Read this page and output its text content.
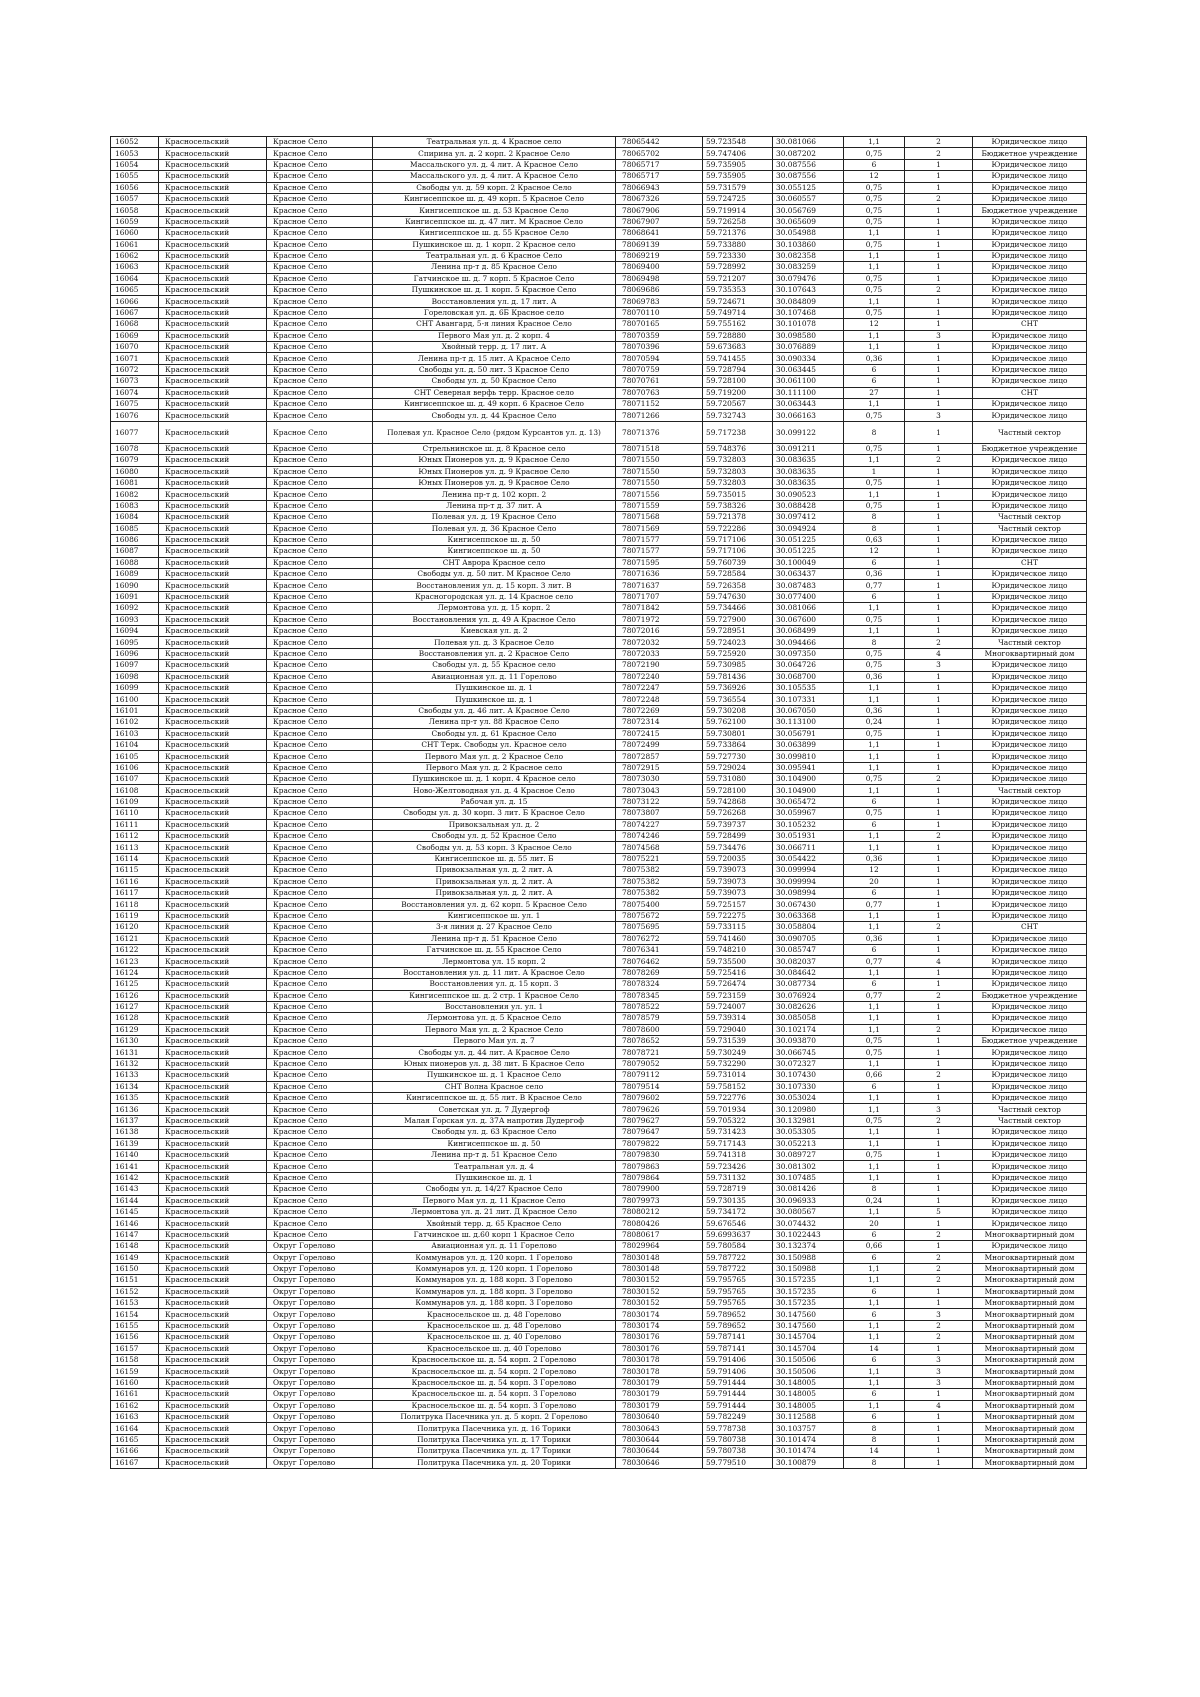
16052	Красносельский	Красное Село	Театральная ул. д. 4 Красное село	78065442	59.723548	30.081066	1,1	2	Юридическое лицо
16053	Красносельский	Красное Село	Спирина ул. д. 2 корп. 2 Красное Село	78065702	59.747406	30.087202	0,75	2	Бюджетное учреждение
16054	Красносельский	Красное Село	Массальского ул. д. 4 лит. А Красное Село	78065717	59.735905	30.087556	6	1	Юридическое лицо
16055	Красносельский	Красное Село	Массальского ул. д. 4 лит. А Красное Село	78065717	59.735905	30.087556	12	1	Юридическое лицо
16056	Красносельский	Красное Село	Свободы ул. д. 59 корп. 2 Красное Село	78066943	59.731579	30.055125	0,75	1	Юридическое лицо
16057	Красносельский	Красное Село	Кингисеппское ш. д. 49 корп. 5 Красное Село	78067326	59.724725	30.060557	0,75	2	Юридическое лицо
16058	Красносельский	Красное Село	Кингисеппское ш. д. 53 Красное Село	78067906	59.719914	30.056769	0,75	1	Бюджетное учреждение
16059	Красносельский	Красное Село	Кингисеппское ш. д. 47 лит. М Красное Село	78067907	59.726258	30.065609	0,75	1	Юридическое лицо
16060	Красносельский	Красное Село	Кингисеппское ш. д. 55 Красное Село	78068641	59.721376	30.054988	1,1	1	Юридическое лицо
16061	Красносельский	Красное Село	Пушкинское ш. д. 1 корп. 2 Красное село	78069139	59.733880	30.103860	0,75	1	Юридическое лицо
16062	Красносельский	Красное Село	Театральная ул. д. 6 Красное Село	78069219	59.723330	30.082358	1,1	1	Юридическое лицо
16063	Красносельский	Красное Село	Ленина пр-т д. 85 Красное Село	78069400	59.728992	30.083259	1,1	1	Юридическое лицо
16064	Красносельский	Красное Село	Гатчинское ш. д. 7 корп. 5 Красное Село	78069498	59.721207	30.079476	0,75	1	Юридическое лицо
16065	Красносельский	Красное Село	Пушкинское ш. д. 1 корп. 5 Красное Село	78069686	59.735353	30.107643	0,75	2	Юридическое лицо
16066	Красносельский	Красное Село	Восстановления ул. д. 17 лит. А	78069783	59.724671	30.084809	1,1	1	Юридическое лицо
16067	Красносельский	Красное Село	Гореловская ул. д. 6Б Красное село	78070110	59.749714	30.107468	0,75	1	Юридическое лицо
16068	Красносельский	Красное Село	СНТ Авангард, 5-я линия Красное Село	78070165	59.755162	30.101078	12	1	СНТ
16069	Красносельский	Красное Село	Первого Мая ул. д. 2 корп. 4	78070359	59.728880	30.098580	1,1	3	Юридическое лицо
16070	Красносельский	Красное Село	Хвойный терр. д. 17 лит. А	78070396	59.673683	30.076889	1,1	1	Юридическое лицо
16071	Красносельский	Красное Село	Ленина пр-т д. 15 лит. А Красное Село	78070594	59.741455	30.090334	0,36	1	Юридическое лицо
16072	Красносельский	Красное Село	Свободы ул. д. 50 лит. З Красное Село	78070759	59.728794	30.063445	6	1	Юридическое лицо
16073	Красносельский	Красное Село	Свободы ул. д. 50 Красное Село	78070761	59.728100	30.061100	6	1	Юридическое лицо
16074	Красносельский	Красное Село	СНТ Северная верфь терр. Красное село	78070763	59.719200	30.111100	27	1	СНТ
16075	Красносельский	Красное Село	Кингисеппское ш. д. 49 корп. 6 Красное Село	78071152	59.720567	30.063443	1,1	1	Юридическое лицо
16076	Красносельский	Красное Село	Свободы ул. д. 44 Красное Село	78071266	59.732743	30.066163	0,75	3	Юридическое лицо
16077	Красносельский	Красное Село	Полевая ул. Красное Село (рядом Курсантов ул. д. 13)	78071376	59.717238	30.099122	8	1	Частный сектор
16078	Красносельский	Красное Село	Стрельнинское ш. д. 8 Красное село	78071518	59.748376	30.091211	0,75	1	Бюджетное учреждение
16079	Красносельский	Красное Село	Юных Пионеров ул. д. 9 Красное Село	78071550	59.732803	30.083635	1,1	2	Юридическое лицо
16080	Красносельский	Красное Село	Юных Пионеров ул. д. 9 Красное Село	78071550	59.732803	30.083635	1	1	Юридическое лицо
16081	Красносельский	Красное Село	Юных Пионеров ул. д. 9 Красное Село	78071550	59.732803	30.083635	0,75	1	Юридическое лицо
16082	Красносельский	Красное Село	Ленина пр-т д. 102 корп. 2	78071556	59.735015	30.090523	1,1	1	Юридическое лицо
16083	Красносельский	Красное Село	Ленина пр-т д. 37 лит. А	78071559	59.738326	30.088428	0,75	1	Юридическое лицо
16084	Красносельский	Красное Село	Полевая ул. д. 19 Красное Село	78071568	59.721378	30.097412	8	1	Частный сектор
16085	Красносельский	Красное Село	Полевая ул. д. 36 Красное Село	78071569	59.722286	30.094924	8	1	Частный сектор
16086	Красносельский	Красное Село	Кингисеппское ш. д. 50	78071577	59.717106	30.051225	0,63	1	Юридическое лицо
16087	Красносельский	Красное Село	Кингисеппское ш. д. 50	78071577	59.717106	30.051225	12	1	Юридическое лицо
16088	Красносельский	Красное Село	СНТ Аврора Красное село	78071595	59.760739	30.100049	6	1	СНТ
16089	Красносельский	Красное Село	Свободы ул. д. 50 лит. М Красное Село	78071636	59.728584	30.063437	0,36	1	Юридическое лицо
16090	Красносельский	Красное Село	Восстановления ул. д. 15 корп. 3 лит. В	78071637	59.726358	30.087483	0,77	1	Юридическое лицо
16091	Красносельский	Красное Село	Красногородская ул. д. 14 Красное село	78071707	59.747630	30.077400	6	1	Юридическое лицо
16092	Красносельский	Красное Село	Лермонтова ул. д. 15 корп. 2	78071842	59.734466	30.081066	1,1	1	Юридическое лицо
16093	Красносельский	Красное Село	Восстановления ул. д. 49 А Красное Село	78071972	59.727900	30.067600	0,75	1	Юридическое лицо
16094	Красносельский	Красное Село	Киевская ул. д. 2	78072016	59.728951	30.068499	1,1	1	Юридическое лицо
16095	Красносельский	Красное Село	Полевая ул. д. 3 Красное Село	78072032	59.724023	30.094466	8	2	Частный сектор
16096	Красносельский	Красное Село	Восстановления ул. д. 2 Красное Село	78072033	59.725920	30.097350	0,75	4	Многоквартирный дом
16097	Красносельский	Красное Село	Свободы ул. д. 55 Красное село	78072190	59.730985	30.064726	0,75	3	Юридическое лицо
16098	Красносельский	Красное Село	Авиационная ул. д. 11 Горелово	78072240	59.781436	30.068700	0,36	1	Юридическое лицо
16099	Красносельский	Красное Село	Пушкинское ш. д. 1	78072247	59.736926	30.105535	1,1	1	Юридическое лицо
16100	Красносельский	Красное Село	Пушкинское ш. д. 1	78072248	59.736554	30.107331	1,1	1	Юридическое лицо
16101	Красносельский	Красное Село	Свободы ул. д. 46 лит. А Красное Село	78072269	59.730208	30.067050	0,36	1	Юридическое лицо
16102	Красносельский	Красное Село	Ленина пр-т ул. 88 Красное Село	78072314	59.762100	30.113100	0,24	1	Юридическое лицо
16103	Красносельский	Красное Село	Свободы ул. д. 61 Красное Село	78072415	59.730801	30.056791	0,75	1	Юридическое лицо
16104	Красносельский	Красное Село	СНТ Терк. Свободы ул. Красное село	78072499	59.733864	30.063899	1,1	1	Юридическое лицо
16105	Красносельский	Красное Село	Первого Мая ул. д. 2 Красное Село	78072857	59.727730	30.099810	1,1	1	Юридическое лицо
16106	Красносельский	Красное Село	Первого Мая ул. д. 2 Красное село	78072915	59.729024	30.095941	1,1	1	Юридическое лицо
16107	Красносельский	Красное Село	Пушкинское ш. д. 1 корп. 4 Красное село	78073030	59.731080	30.104900	0,75	2	Юридическое лицо
16108	Красносельский	Красное Село	Ново-Желтоводная ул. д. 4 Красное Село	78073043	59.728100	30.104900	1,1	1	Частный сектор
16109	Красносельский	Красное Село	Рабочая ул. д. 15	78073122	59.742868	30.065472	6	1	Юридическое лицо
16110	Красносельский	Красное Село	Свободы ул. д. 30 корп. 3 лит. Б Красное Село	78073807	59.726268	30.059967	0,75	1	Юридическое лицо
16111	Красносельский	Красное Село	Привокзальная ул. д. 2	78074227	59.739737	30.105232	6	1	Юридическое лицо
16112	Красносельский	Красное Село	Свободы ул. д. 52 Красное Село	78074246	59.728499	30.051931	1,1	2	Юридическое лицо
16113	Красносельский	Красное Село	Свободы ул. д. 53 корп. 3 Красное Село	78074568	59.734476	30.066711	1,1	1	Юридическое лицо
16114	Красносельский	Красное Село	Кингисеппское ш. д. 55 лит. Б	78075221	59.720035	30.054422	0,36	1	Юридическое лицо
16115	Красносельский	Красное Село	Привокзальная ул. д. 2 лит. А	78075382	59.739073	30.099994	12	1	Юридическое лицо
16116	Красносельский	Красное Село	Привокзальная ул. д. 2 лит. А	78075382	59.739073	30.099994	20	1	Юридическое лицо
16117	Красносельский	Красное Село	Привокзальная ул. д. 2 лит. А	78075382	59.739073	30.098994	6	1	Юридическое лицо
16118	Красносельский	Красное Село	Восстановления ул. д. 62 корп. 5 Красное Село	78075400	59.725157	30.067430	0,77	1	Юридическое лицо
16119	Красносельский	Красное Село	Кингисеппское ш. ул. 1	78075672	59.722275	30.063368	1,1	1	Юридическое лицо
16120	Красносельский	Красное Село	3-я линия д. 27 Красное Село	78075695	59.733115	30.058804	1,1	2	СНТ
16121	Красносельский	Красное Село	Ленина пр-т д. 51 Красное Село	78076272	59.741460	30.090705	0,36	1	Юридическое лицо
16122	Красносельский	Красное Село	Гатчинское ш. д. 55 Красное Село	78076341	59.748210	30.085747	6	1	Юридическое лицо
16123	Красносельский	Красное Село	Лермонтова ул. 15 корп. 2	78076462	59.735500	30.082037	0,77	4	Юридическое лицо
16124	Красносельский	Красное Село	Восстановления ул. д. 11 лит. А Красное Село	78078269	59.725416	30.084642	1,1	1	Юридическое лицо
16125	Красносельский	Красное Село	Восстановления ул. д. 15 корп. 3	78078324	59.726474	30.087734	6	1	Юридическое лицо
16126	Красносельский	Красное Село	Кингисеппское ш. д. 2 стр. 1 Красное Село	78078345	59.723159	30.076924	0,77	2	Бюджетное учреждение
16127	Красносельский	Красное Село	Восстановления ул. ул. 1	78078522	59.724007	30.082626	1,1	1	Юридическое лицо
16128	Красносельский	Красное Село	Лермонтова ул. д. 5 Красное Село	78078579	59.739314	30.085058	1,1	1	Юридическое лицо
16129	Красносельский	Красное Село	Первого Мая ул. д. 2 Красное Село	78078600	59.729040	30.102174	1,1	2	Юридическое лицо
16130	Красносельский	Красное Село	Первого Мая ул. д. 7	78078652	59.731539	30.093870	0,75	1	Бюджетное учреждение
16131	Красносельский	Красное Село	Свободы ул. д. 44 лит. А Красное Село	78078721	59.730249	30.066745	0,75	1	Юридическое лицо
16132	Красносельский	Красное Село	Юных пионеров ул. д. 38 лит. Б Красное Село	78079052	59.732290	30.072327	1,1	1	Юридическое лицо
16133	Красносельский	Красное Село	Пушкинское ш. д. 1 Красное Село	78079112	59.731014	30.107430	0,66	2	Юридическое лицо
16134	Красносельский	Красное Село	СНТ Волна Красное село	78079514	59.758152	30.107330	6	1	Юридическое лицо
16135	Красносельский	Красное Село	Кингисеппское ш. д. 55 лит. В Красное Село	78079602	59.722776	30.053024	1,1	1	Юридическое лицо
16136	Красносельский	Красное Село	Советская ул. д. 7 Дудергоф	78079626	59.701934	30.120980	1,1	3	Частный сектор
16137	Красносельский	Красное Село	Малая Горская ул. д. 37А напротив Дудергоф	78079627	59.705322	30.132981	0,75	2	Частный сектор
16138	Красносельский	Красное Село	Свободы ул. д. 63 Красное Село	78079647	59.731423	30.053305	1,1	1	Юридическое лицо
16139	Красносельский	Красное Село	Кингисеппское ш. д. 50	78079822	59.717143	30.052213	1,1	1	Юридическое лицо
16140	Красносельский	Красное Село	Ленина пр-т д. 51 Красное Село	78079830	59.741318	30.089727	0,75	1	Юридическое лицо
16141	Красносельский	Красное Село	Театральная ул. д. 4	78079863	59.723426	30.081302	1,1	1	Юридическое лицо
16142	Красносельский	Красное Село	Пушкинское ш. д. 1	78079864	59.731132	30.107485	1,1	1	Юридическое лицо
16143	Красносельский	Красное Село	Свободы ул. д. 14/27 Красное Село	78079900	59.728719	30.081426	8	1	Юридическое лицо
16144	Красносельский	Красное Село	Первого Мая ул. д. 11 Красное Село	78079973	59.730135	30.096933	0,24	1	Юридическое лицо
16145	Красносельский	Красное Село	Лермонтова ул. д. 21 лит. Д Красное Село	78080212	59.734172	30.080567	1,1	5	Юридическое лицо
16146	Красносельский	Красное Село	Хвойный терр. д. 65 Красное Село	78080426	59.676546	30.074432	20	1	Юридическое лицо
16147	Красносельский	Красное Село	Гатчинское ш. д.60 корп 1 Красное Село	78080617	59.6993637	30.1022443	6	2	Многоквартирный дом
16148	Красносельский	Округ Горелово	Авиационная ул. д. 11 Горелово	78029964	59.780584	30.132374	0,66	1	Юридическое лицо
16149	Красносельский	Округ Горелово	Коммунаров ул. д. 120 корп. 1 Горелово	78030148	59.787722	30.150988	6	2	Многоквартирный дом
16150	Красносельский	Округ Горелово	Коммунаров ул. д. 120 корп. 1 Горелово	78030148	59.787722	30.150988	1,1	2	Многоквартирный дом
16151	Красносельский	Округ Горелово	Коммунаров ул. д. 188 корп. 3 Горелово	78030152	59.795765	30.157235	1,1	2	Многоквартирный дом
16152	Красносельский	Округ Горелово	Коммунаров ул. д. 188 корп. 3 Горелово	78030152	59.795765	30.157235	6	1	Многоквартирный дом
16153	Красносельский	Округ Горелово	Коммунаров ул. д. 188 корп. 3 Горелово	78030152	59.795765	30.157235	1,1	1	Многоквартирный дом
16154	Красносельский	Округ Горелово	Красносельское ш. д. 48 Горелово	78030174	59.789652	30.147560	6	3	Многоквартирный дом
16155	Красносельский	Округ Горелово	Красносельское ш. д. 48 Горелово	78030174	59.789652	30.147560	1,1	2	Многоквартирный дом
16156	Красносельский	Округ Горелово	Красносельское ш. д. 40 Горелово	78030176	59.787141	30.145704	1,1	2	Многоквартирный дом
16157	Красносельский	Округ Горелово	Красносельское ш. д. 40 Горелово	78030176	59.787141	30.145704	14	1	Многоквартирный дом
16158	Красносельский	Округ Горелово	Красносельское ш. д. 54 корп. 2 Горелово	78030178	59.791406	30.150506	6	3	Многоквартирный дом
16159	Красносельский	Округ Горелово	Красносельское ш. д. 54 корп. 2 Горелово	78030178	59.791406	30.150506	1,1	3	Многоквартирный дом
16160	Красносельский	Округ Горелово	Красносельское ш. д. 54 корп. 3 Горелово	78030179	59.791444	30.148005	1,1	3	Многоквартирный дом
16161	Красносельский	Округ Горелово	Красносельское ш. д. 54 корп. 3 Горелово	78030179	59.791444	30.148005	6	1	Многоквартирный дом
16162	Красносельский	Округ Горелово	Красносельское ш. д. 54 корп. 3 Горелово	78030179	59.791444	30.148005	1,1	4	Многоквартирный дом
16163	Красносельский	Округ Горелово	Политрука Пасечника ул. д. 5 корп. 2 Горелово	78030640	59.782249	30.112588	6	1	Многоквартирный дом
16164	Красносельский	Округ Горелово	Политрука Пасечника ул. д. 16 Торики	78030643	59.778738	30.103757	8	1	Многоквартирный дом
16165	Красносельский	Округ Горелово	Политрука Пасечника ул. д. 17 Торики	78030644	59.780738	30.101474	8	1	Многоквартирный дом
16166	Красносельский	Округ Горелово	Политрука Пасечника ул. д. 17 Торики	78030644	59.780738	30.101474	14	1	Многоквартирный дом
16167	Красносельский	Округ Горелово	Политрука Пасечника ул. д. 20 Торики	78030646	59.779510	30.100879	8	1	Многоквартирный дом
